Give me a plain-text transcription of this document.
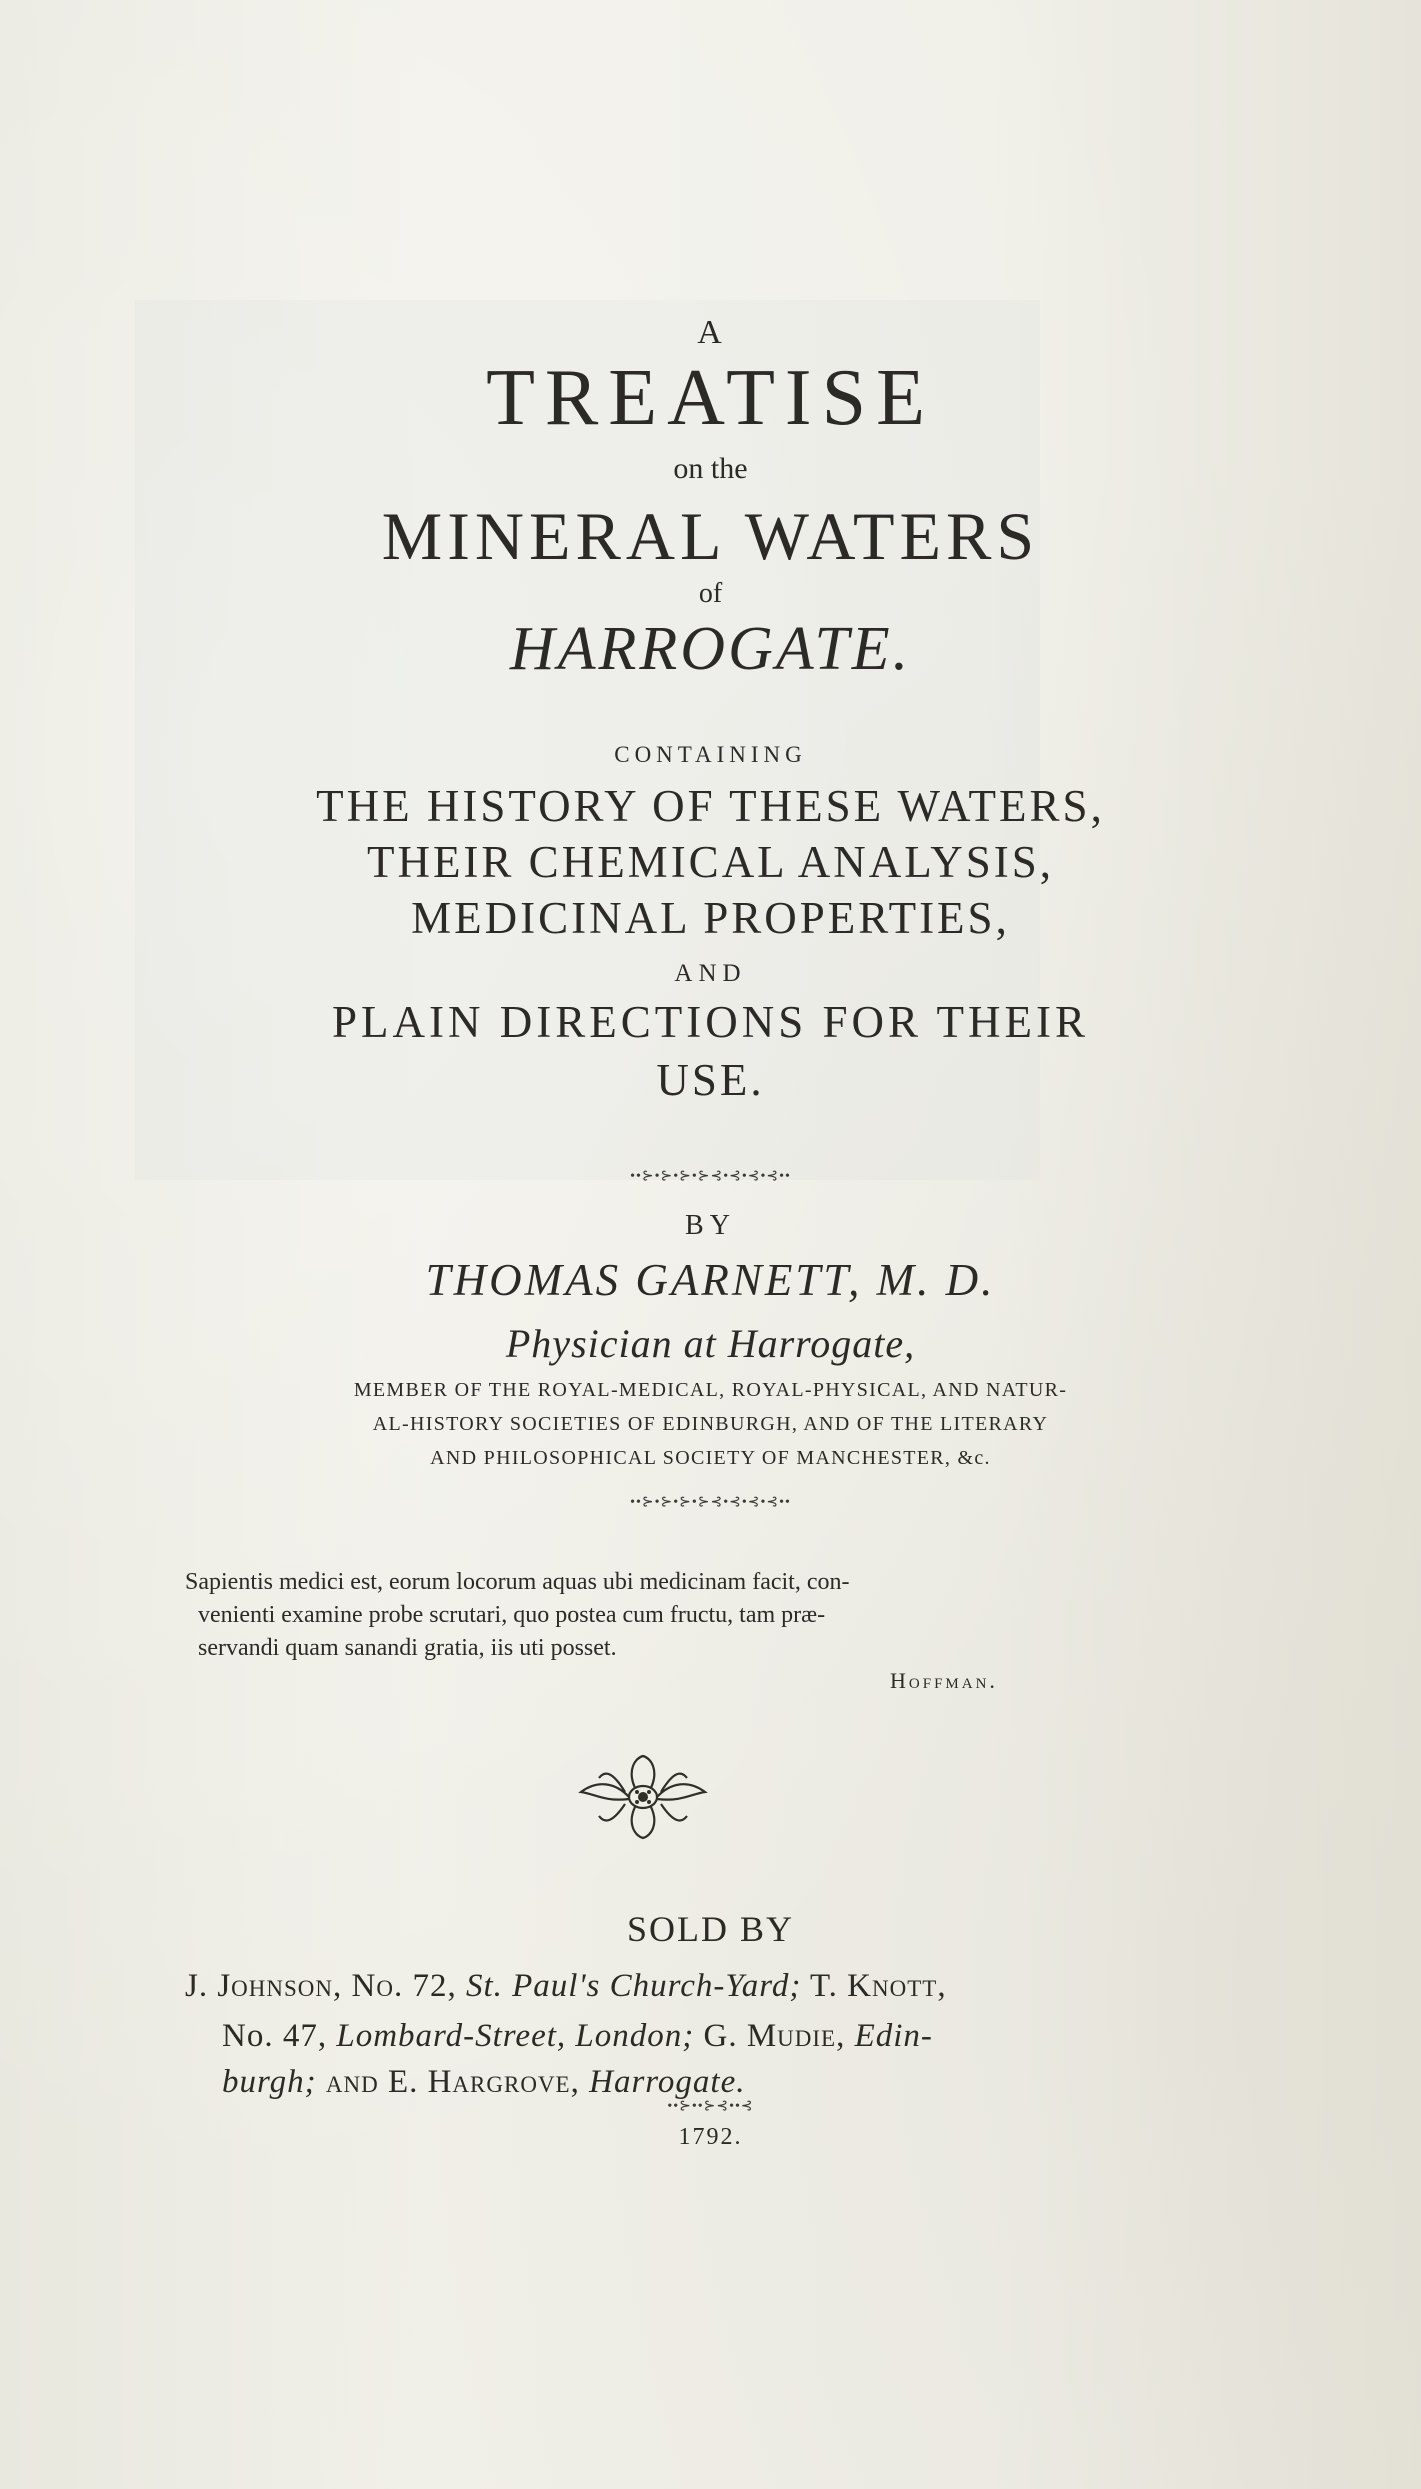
A
TREATISE
on the
MINERAL WATERS
of
HARROGATE.
CONTAINING
THE HISTORY OF THESE WATERS,
THEIR CHEMICAL ANALYSIS,
MEDICINAL PROPERTIES,
AND
PLAIN DIRECTIONS FOR THEIR
USE.
••⊱•⊱•⊱•⊱⊰•⊰•⊰•⊰••
BY
THOMAS GARNETT, M. D.
Physician at Harrogate,
MEMBER OF THE ROYAL-MEDICAL, ROYAL-PHYSICAL, AND NATUR-
AL-HISTORY SOCIETIES OF EDINBURGH, AND OF THE LITERARY
AND PHILOSOPHICAL SOCIETY OF MANCHESTER, &c.
••⊱•⊱•⊱•⊱⊰•⊰•⊰•⊰••
Sapientis medici est, eorum locorum aquas ubi medicinam facit, con-
venienti examine probe scrutari, quo postea cum fructu, tam præ-
servandi quam sanandi gratia, iis uti posset.
Hoffman.
SOLD BY
J. Johnson, No. 72, St. Paul's Church-Yard; T. Knott,
No. 47, Lombard-Street, London; G. Mudie, Edin-
burgh; and E. Hargrove, Harrogate.
••⊱••⊱⊰••⊰
1792.
